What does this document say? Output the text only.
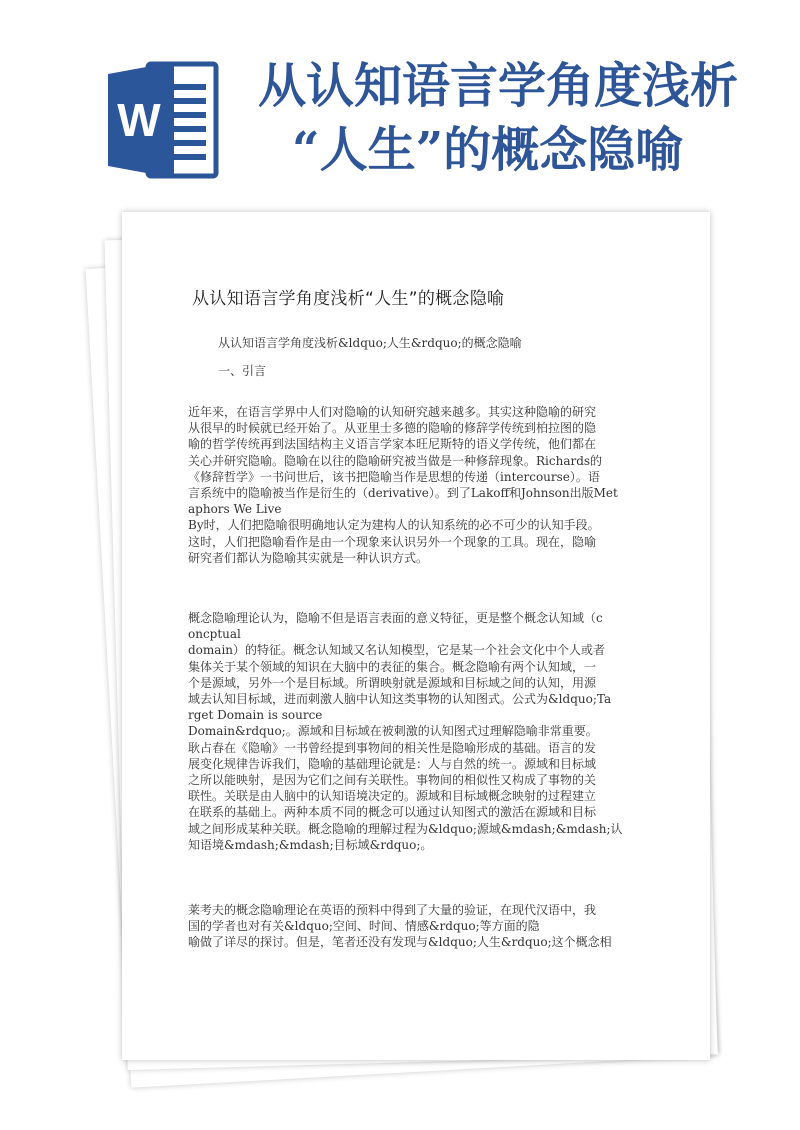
W
从认知语言学角度浅析
“人生”的概念隐喻
从认知语言学角度浅析“人生”的概念隐喻
从认知语言学角度浅析&ldquo;人生&rdquo;的概念隐喻
一、引言

近年来，在语言学界中人们对隐喻的认知研究越来越多。其实这种隐喻的研究

从很早的时候就已经开始了。从亚里士多德的隐喻的修辞学传统到柏拉图的隐

喻的哲学传统再到法国结构主义语言学家本旺尼斯特的语义学传统，他们都在

关心并研究隐喻。隐喻在以往的隐喻研究被当做是一种修辞现象。Richards的

《修辞哲学》一书问世后，该书把隐喻当作是思想的传递（intercourse）。语

言系统中的隐喻被当作是衍生的（derivative）。到了Lakoff和Johnson出版Met

aphors We Live

By时，人们把隐喻很明确地认定为建构人的认知系统的必不可少的认知手段。

这时，人们把隐喻看作是由一个现象来认识另外一个现象的工具。现在，隐喻

研究者们都认为隐喻其实就是一种认识方式。

概念隐喻理论认为，隐喻不但是语言表面的意义特征，更是整个概念认知域（c

oncptual

domain）的特征。概念认知域又名认知模型，它是某一个社会文化中个人或者

集体关于某个领域的知识在大脑中的表征的集合。概念隐喻有两个认知域，一

个是源域，另外一个是目标域。所谓映射就是源域和目标域之间的认知，用源

域去认知目标域，进而刺激人脑中认知这类事物的认知图式。公式为&ldquo;Ta

rget Domain is source

Domain&rdquo;。源域和目标域在被刺激的认知图式过理解隐喻非常重要。

耿占春在《隐喻》一书曾经提到事物间的相关性是隐喻形成的基础。语言的发

展变化规律告诉我们，隐喻的基础理论就是：人与自然的统一。源域和目标域

之所以能映射，是因为它们之间有关联性。事物间的相似性又构成了事物的关

联性。关联是由人脑中的认知语境决定的。源域和目标域概念映射的过程建立

在联系的基础上。两种本质不同的概念可以通过认知图式的激活在源域和目标

域之间形成某种关联。概念隐喻的理解过程为&ldquo;源域&mdash;&mdash;认

知语境&mdash;&mdash;目标域&rdquo;。

莱考夫的概念隐喻理论在英语的预料中得到了大量的验证，在现代汉语中，我

国的学者也对有关&ldquo;空间、时间、情感&rdquo;等方面的隐

喻做了详尽的探讨。但是，笔者还没有发现与&ldquo;人生&rdquo;这个概念相
